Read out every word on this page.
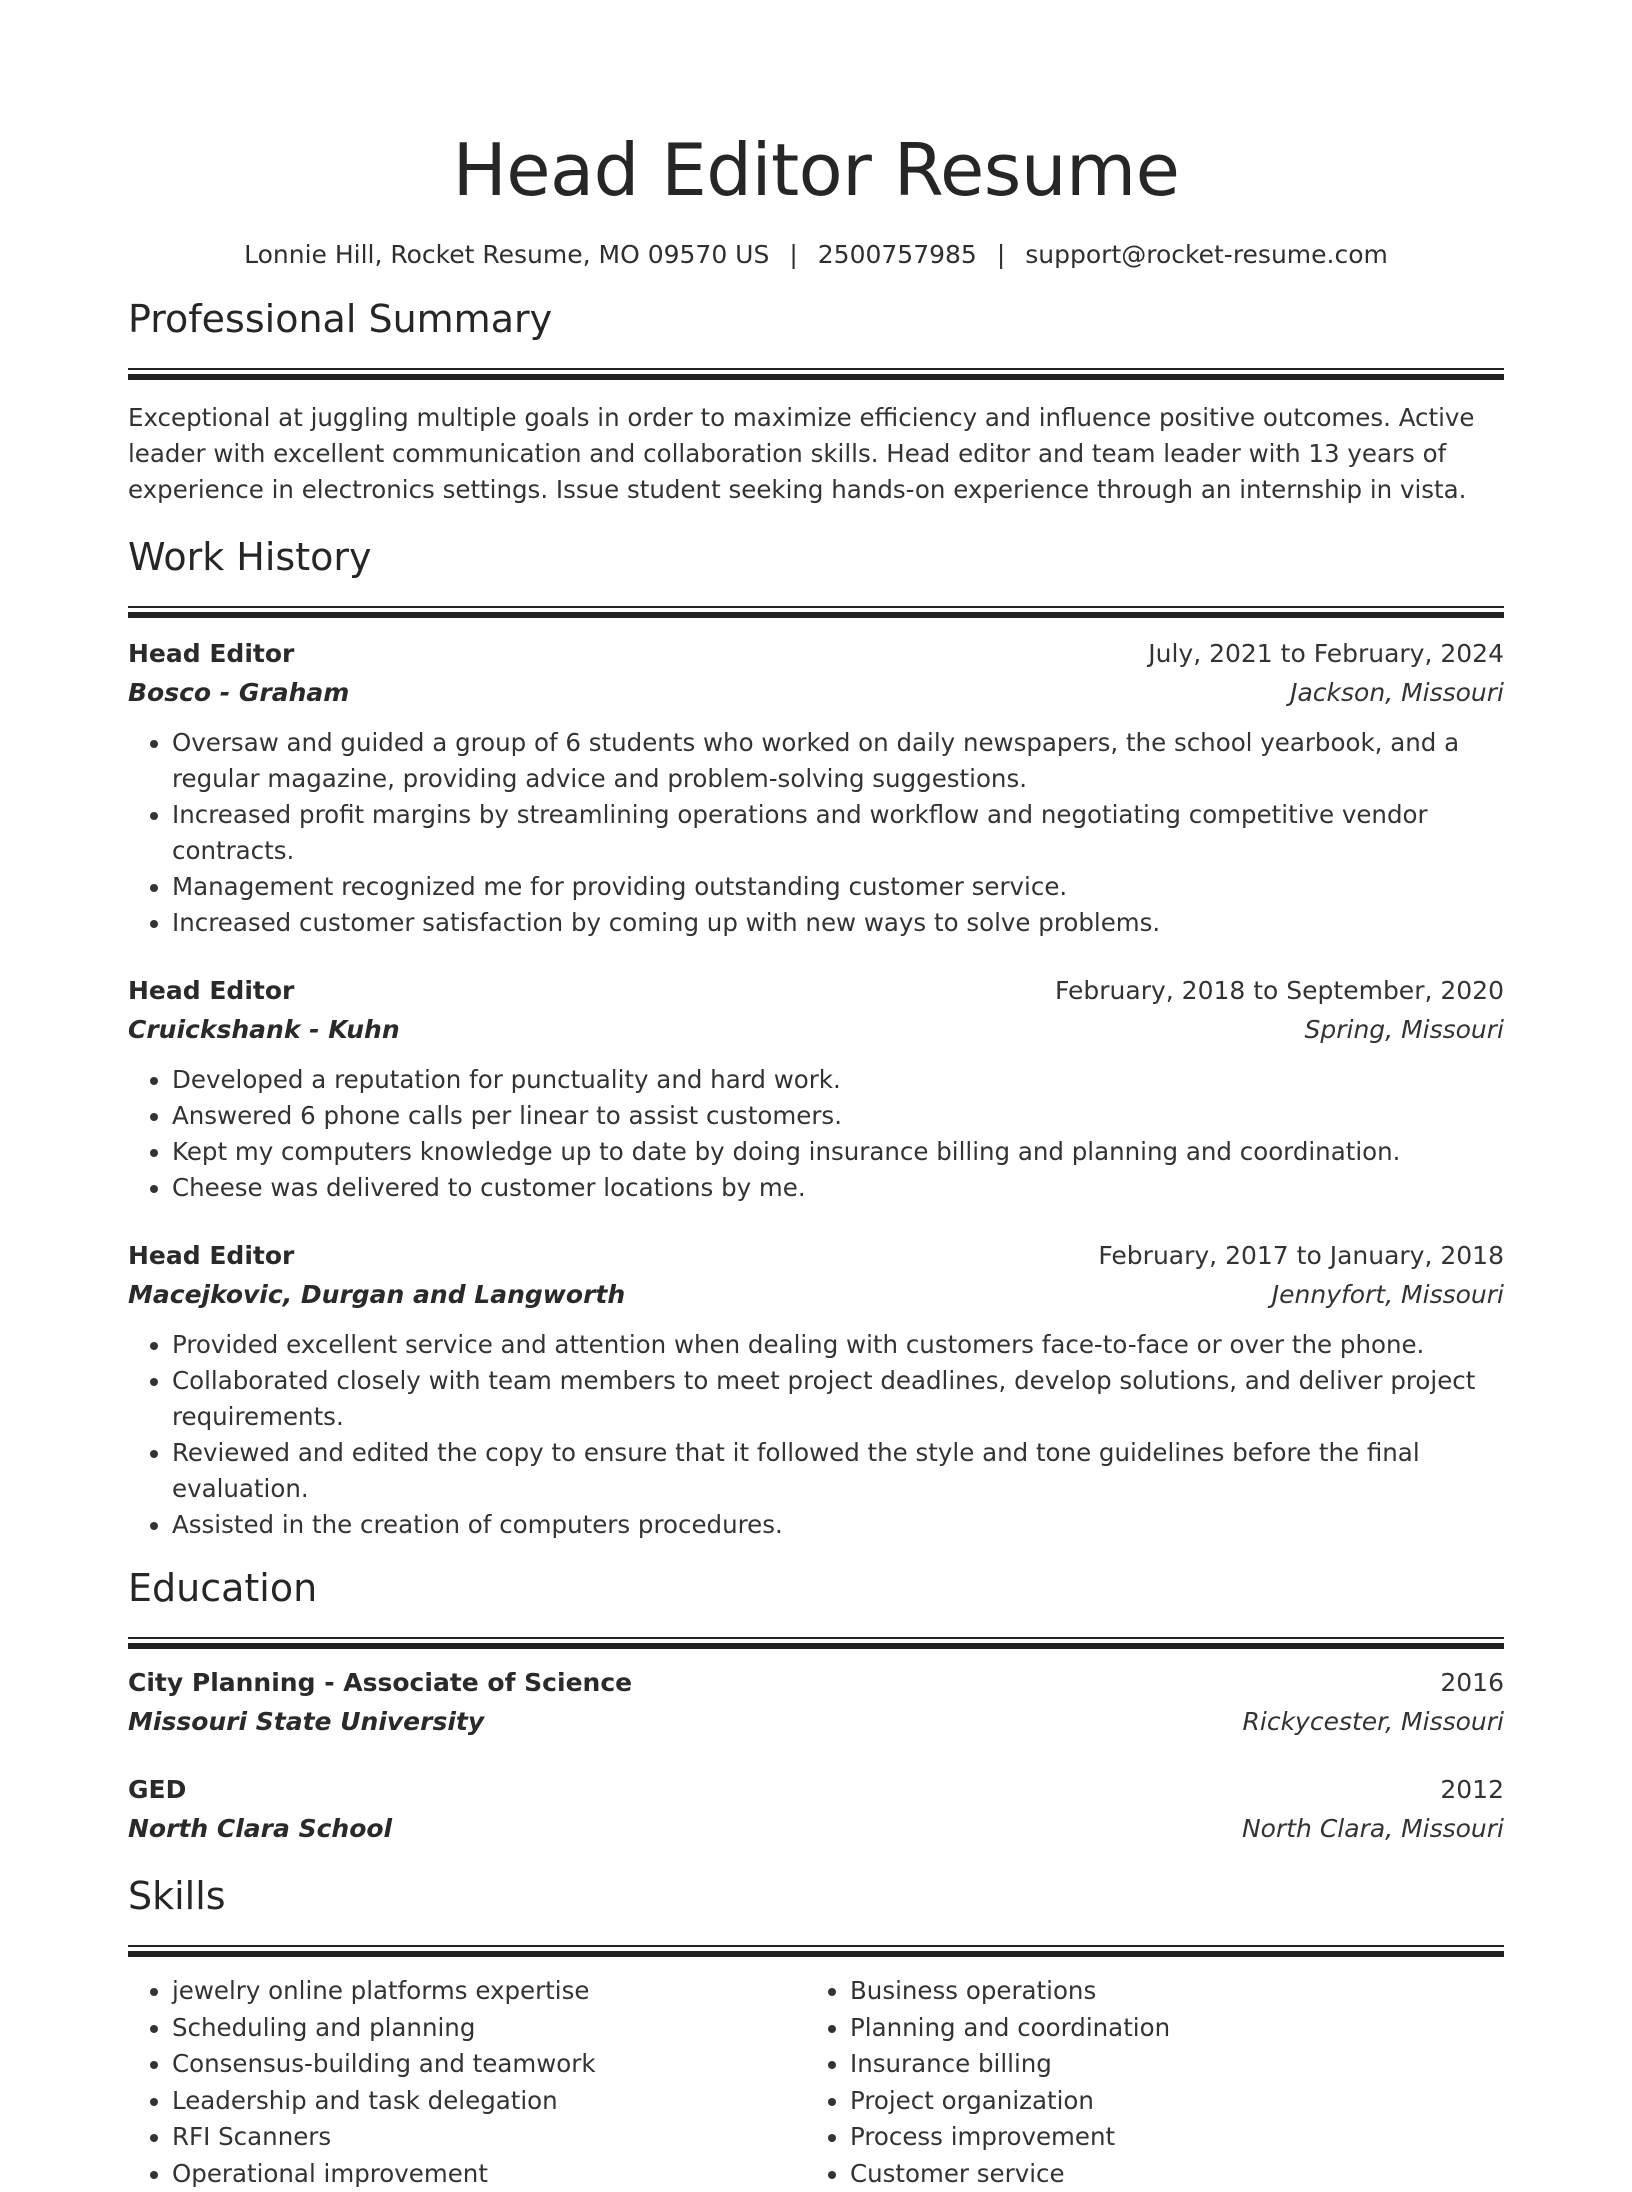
Head Editor Resume
Lonnie Hill, Rocket Resume, MO 09570 US | 2500757985 | support@rocket-resume.com
Professional Summary

Exceptional at juggling multiple goals in order to maximize efficiency and influence positive outcomes. Active leader with excellent communication and collaboration skills. Head editor and team leader with 13 years of experience in electronics settings. Issue student seeking hands-on experience through an internship in vista.

Work History
Head Editor	July, 2021 to February, 2024
Bosco - Graham	Jackson, Missouri
• Oversaw and guided a group of 6 students who worked on daily newspapers, the school yearbook, and a regular magazine, providing advice and problem-solving suggestions.
• Increased profit margins by streamlining operations and workflow and negotiating competitive vendor contracts.
• Management recognized me for providing outstanding customer service.
• Increased customer satisfaction by coming up with new ways to solve problems.
Head Editor	February, 2018 to September, 2020
Cruickshank - Kuhn	Spring, Missouri
• Developed a reputation for punctuality and hard work.
• Answered 6 phone calls per linear to assist customers.
• Kept my computers knowledge up to date by doing insurance billing and planning and coordination.
• Cheese was delivered to customer locations by me.
Head Editor	February, 2017 to January, 2018
Macejkovic, Durgan and Langworth	Jennyfort, Missouri
• Provided excellent service and attention when dealing with customers face-to-face or over the phone.
• Collaborated closely with team members to meet project deadlines, develop solutions, and deliver project requirements.
• Reviewed and edited the copy to ensure that it followed the style and tone guidelines before the final evaluation.
• Assisted in the creation of computers procedures.
Education
City Planning - Associate of Science	2016
Missouri State University	Rickycester, Missouri
GED	2012
North Clara School	North Clara, Missouri
Skills
• jewelry online platforms expertise
• Scheduling and planning
• Consensus-building and teamwork
• Leadership and task delegation
• RFI Scanners
• Operational improvement
• Business operations
• Planning and coordination
• Insurance billing
• Project organization
• Process improvement
• Customer service
